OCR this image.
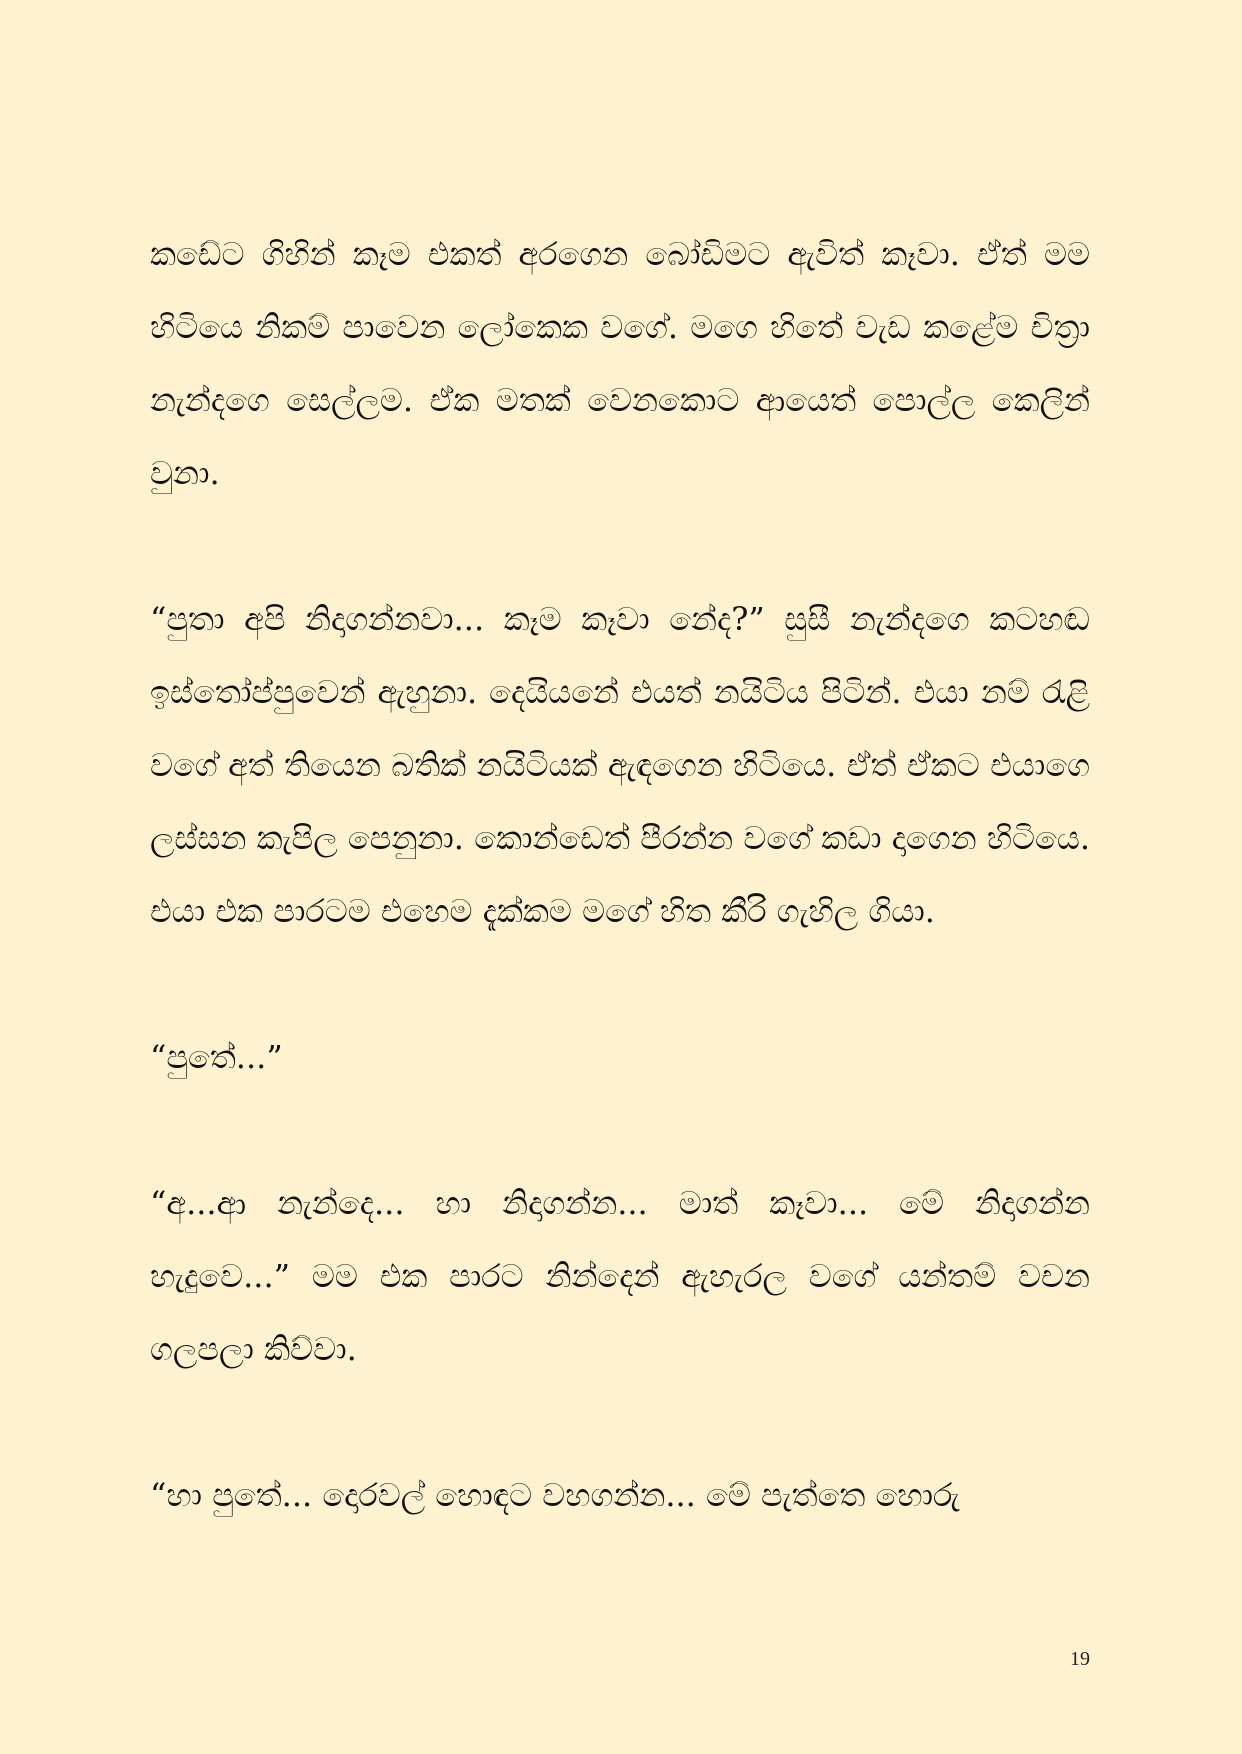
කඩේට ගිහින් කෑම එකත් අරගෙන බෝඩිමට ඇවිත් කෑවා. ඒත් මම හිටියෙ නිකම් පාවෙන ලෝකෙක වගේ. මගෙ හිතේ වැඩ කළේම චිත්‍රා නැන්දගෙ සෙල්ලම. ඒක මතක් වෙනකොට ආයෙත් පොල්ල කෙලින් වුනා.

“පුතා අපි නිදාගන්නවා... කෑම කෑවා නේද?” සුසී නැන්දගෙ කටහඬ ඉස්තෝප්පුවෙන් ඇහුනා. දෙයියනේ එයත් නයිටිය පිටින්. එයා නම් රැළි වගේ අත් තියෙන බතික් නයිටියක් ඇඳගෙන හිටියෙ. ඒත් ඒකට එයාගෙ ලස්සන කැපිල පෙනුනා. කොන්ඩෙත් පීරන්න වගේ කඩා දාගෙන හිටියෙ. එයා එක පාරටම එහෙම දැක්කම මගේ හිත කීරි ගැහිල ගියා.

“පුතේ...”

“අ...ආ නැන්දෙ... හා නිදාගන්න... මාත් කෑවා... මේ නිදාගන්න හැදුවෙ...” මම එක පාරට නින්දෙන් ඇහැරල වගේ යන්තම් වචන ගලපලා කිව්වා.

“හා පුතේ... දොරවල් හොඳට වහගන්න... මේ පැත්තෙ හොරු

19
